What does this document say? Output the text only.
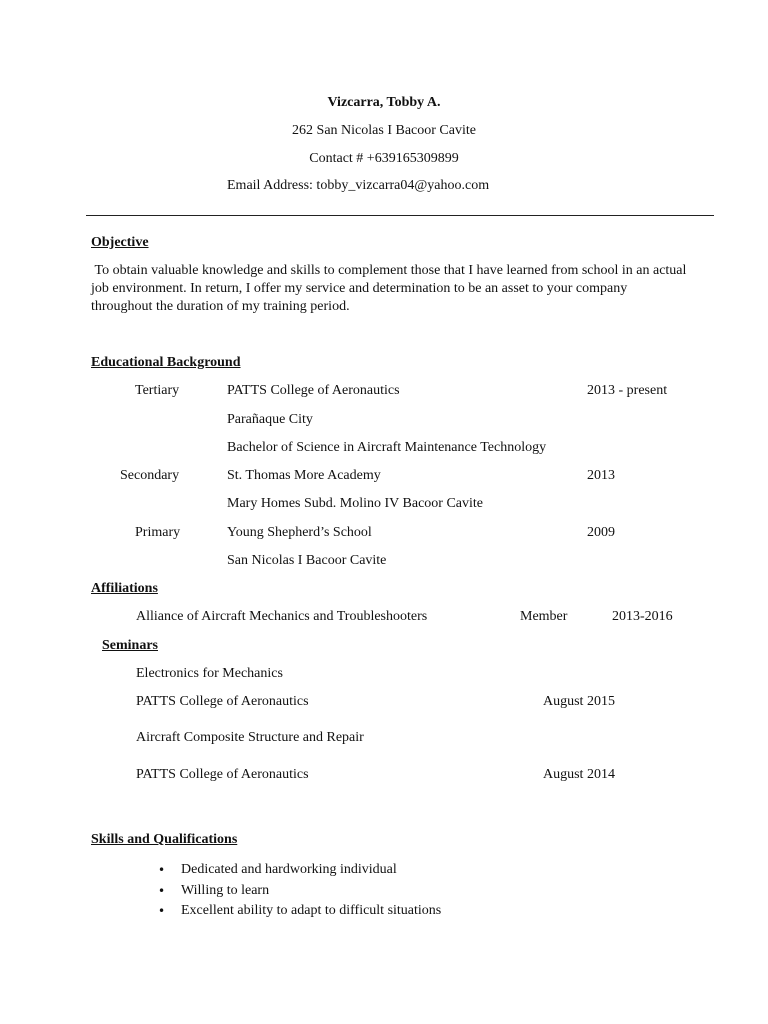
Vizcarra, Tobby A.
262 San Nicolas I Bacoor Cavite
Contact # +639165309899
Email Address: tobby_vizcarra04@yahoo.com
Objective
To obtain valuable knowledge and skills to complement those that I have learned from school in an actual job environment. In return, I offer my service and determination to be an asset to your company throughout the duration of my training period.
Educational Background
Tertiary	PATTS College of Aeronautics	2013 - present
Parañaque City
Bachelor of Science in Aircraft Maintenance Technology
Secondary	St. Thomas More Academy	2013
Mary Homes Subd. Molino IV Bacoor Cavite
Primary	Young Shepherd’s School	2009
San Nicolas I Bacoor Cavite
Affiliations
Alliance of Aircraft Mechanics and Troubleshooters	Member	2013-2016
Seminars
Electronics for Mechanics
PATTS College of Aeronautics	August 2015
Aircraft Composite Structure and Repair
PATTS College of Aeronautics	August 2014
Skills and Qualifications
• Dedicated and hardworking individual
• Willing to learn
• Excellent ability to adapt to difficult situations
